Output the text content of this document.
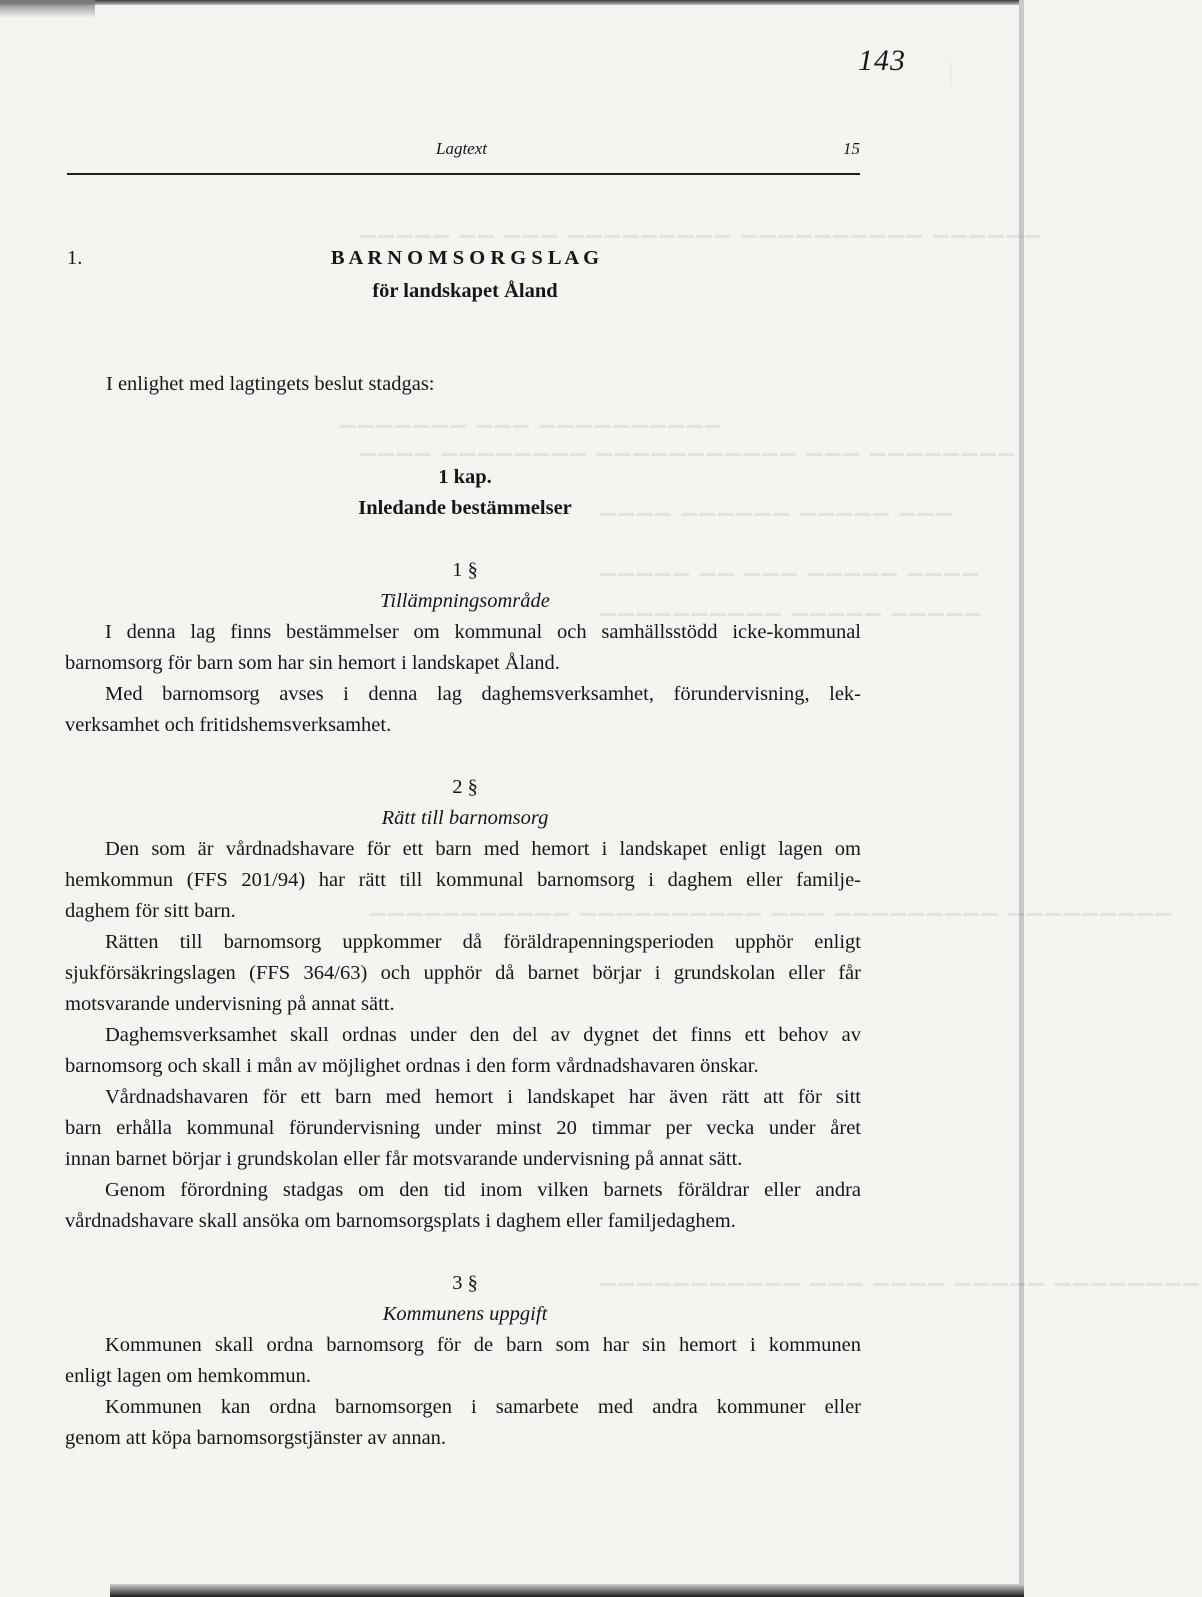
▁▁▁▁▁ ▁▁ ▁▁▁ ▁▁▁▁▁▁▁▁▁ ▁▁▁▁▁▁▁▁▁▁ ▁▁▁▁▁▁
▁▁▁▁▁▁▁ ▁▁▁ ▁▁▁▁▁▁▁▁▁▁
▁▁▁▁ ▁▁▁▁▁▁▁▁ ▁▁▁▁▁▁▁▁▁▁▁ ▁▁▁ ▁▁▁▁▁▁▁▁
▁▁▁▁ ▁▁▁▁▁▁ ▁▁▁▁▁ ▁▁▁
▁▁▁▁▁ ▁▁ ▁▁▁ ▁▁▁▁▁ ▁▁▁▁
▁▁▁▁▁▁▁▁▁▁ ▁▁▁▁▁ ▁▁▁▁▁
▁▁▁▁▁▁▁▁▁▁▁ ▁▁▁▁▁▁▁▁▁▁ ▁▁▁ ▁▁▁▁▁▁▁▁▁ ▁▁▁▁▁▁▁▁▁
▁▁▁▁▁▁▁▁▁▁▁ ▁▁▁ ▁▁▁▁ ▁▁▁▁▁ ▁▁▁▁▁▁▁▁
143 |
Lagtext	15
1.	B A R N O M S O R G S L A G
för landskapet Åland
I enlighet med lagtingets beslut stadgas:
1 kap.
Inledande bestämmelser
1 §
Tillämpningsområde
I denna lag finns bestämmelser om kommunal och samhällsstödd icke-kommunal
barnomsorg för barn som har sin hemort i landskapet Åland.
Med barnomsorg avses i denna lag daghemsverksamhet, förundervisning, lek-
verksamhet och fritidshemsverksamhet.
2 §
Rätt till barnomsorg
Den som är vårdnadshavare för ett barn med hemort i landskapet enligt lagen om
hemkommun (FFS 201/94) har rätt till kommunal barnomsorg i daghem eller familje-
daghem för sitt barn.
Rätten till barnomsorg uppkommer då föräldrapenningsperioden upphör enligt
sjukförsäkringslagen (FFS 364/63) och upphör då barnet börjar i grundskolan eller får
motsvarande undervisning på annat sätt.
Daghemsverksamhet skall ordnas under den del av dygnet det finns ett behov av
barnomsorg och skall i mån av möjlighet ordnas i den form vårdnadshavaren önskar.
Vårdnadshavaren för ett barn med hemort i landskapet har även rätt att för sitt
barn erhålla kommunal förundervisning under minst 20 timmar per vecka under året
innan barnet börjar i grundskolan eller får motsvarande undervisning på annat sätt.
Genom förordning stadgas om den tid inom vilken barnets föräldrar eller andra
vårdnadshavare skall ansöka om barnomsorgsplats i daghem eller familjedaghem.
3 §
Kommunens uppgift
Kommunen skall ordna barnomsorg för de barn som har sin hemort i kommunen
enligt lagen om hemkommun.
Kommunen kan ordna barnomsorgen i samarbete med andra kommuner eller
genom att köpa barnomsorgstjänster av annan.
